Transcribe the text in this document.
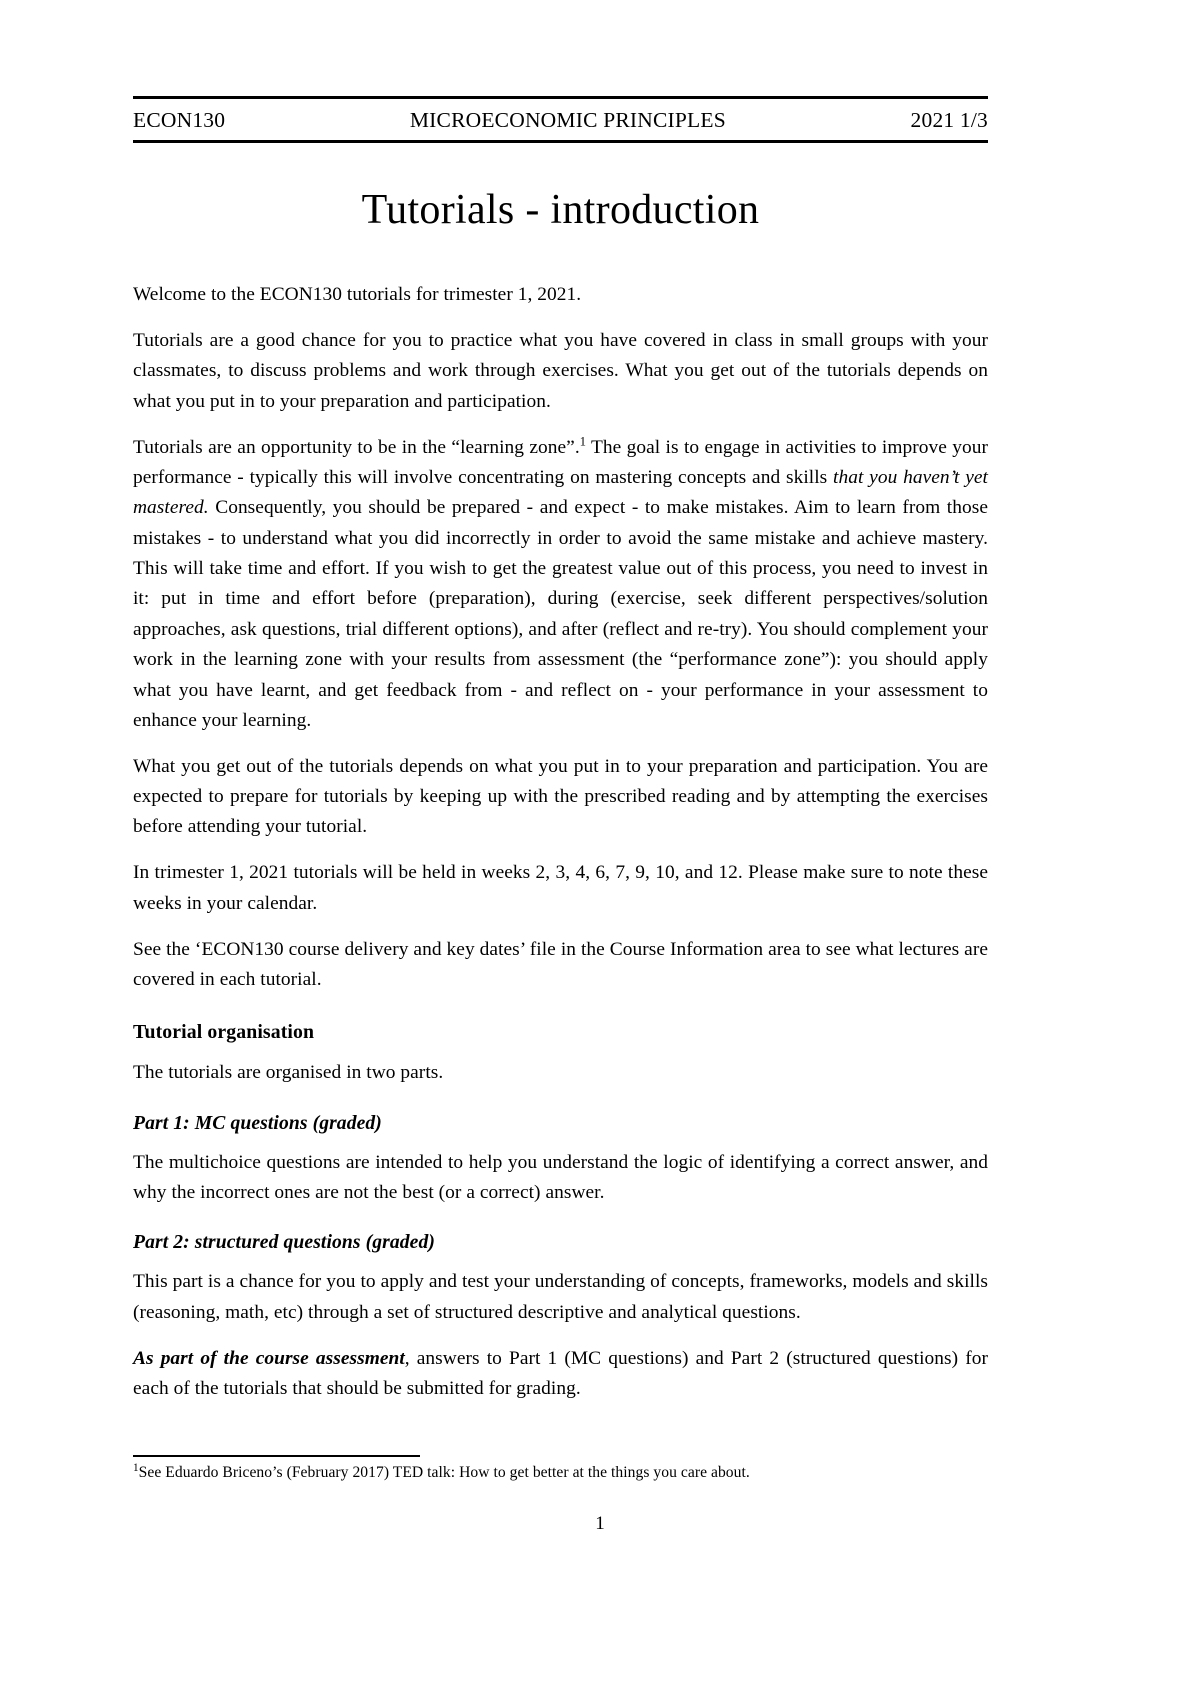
ECON130	MICROECONOMIC PRINCIPLES	2021 1/3
Tutorials - introduction

Welcome to the ECON130 tutorials for trimester 1, 2021.

Tutorials are a good chance for you to practice what you have covered in class in small groups with your classmates, to discuss problems and work through exercises. What you get out of the tutorials depends on what you put in to your preparation and participation.

Tutorials are an opportunity to be in the “learning zone”.$^1$ The goal is to engage in activities to improve your performance - typically this will involve concentrating on mastering concepts and skills that you haven’t yet mastered. Consequently, you should be prepared - and expect - to make mistakes. Aim to learn from those mistakes - to understand what you did incorrectly in order to avoid the same mistake and achieve mastery. This will take time and effort. If you wish to get the greatest value out of this process, you need to invest in it: put in time and effort before (preparation), during (exercise, seek different perspectives/solution approaches, ask questions, trial different options), and after (reflect and re-try). You should complement your work in the learning zone with your results from assessment (the “performance zone”): you should apply what you have learnt, and get feedback from - and reflect on - your performance in your assessment to enhance your learning.

What you get out of the tutorials depends on what you put in to your preparation and participation. You are expected to prepare for tutorials by keeping up with the prescribed reading and by attempting the exercises before attending your tutorial.

In trimester 1, 2021 tutorials will be held in weeks 2, 3, 4, 6, 7, 9, 10, and 12. Please make sure to note these weeks in your calendar.

See the ‘ECON130 course delivery and key dates’ file in the Course Information area to see what lectures are covered in each tutorial.

Tutorial organisation

The tutorials are organised in two parts.

Part 1: MC questions (graded)

The multichoice questions are intended to help you understand the logic of identifying a correct answer, and why the incorrect ones are not the best (or a correct) answer.

Part 2: structured questions (graded)

This part is a chance for you to apply and test your understanding of concepts, frameworks, models and skills (reasoning, math, etc) through a set of structured descriptive and analytical questions.

As part of the course assessment, answers to Part 1 (MC questions) and Part 2 (structured questions) for each of the tutorials that should be submitted for grading.

$^1$See Eduardo Briceno’s (February 2017) TED talk: How to get better at the things you care about.

1
